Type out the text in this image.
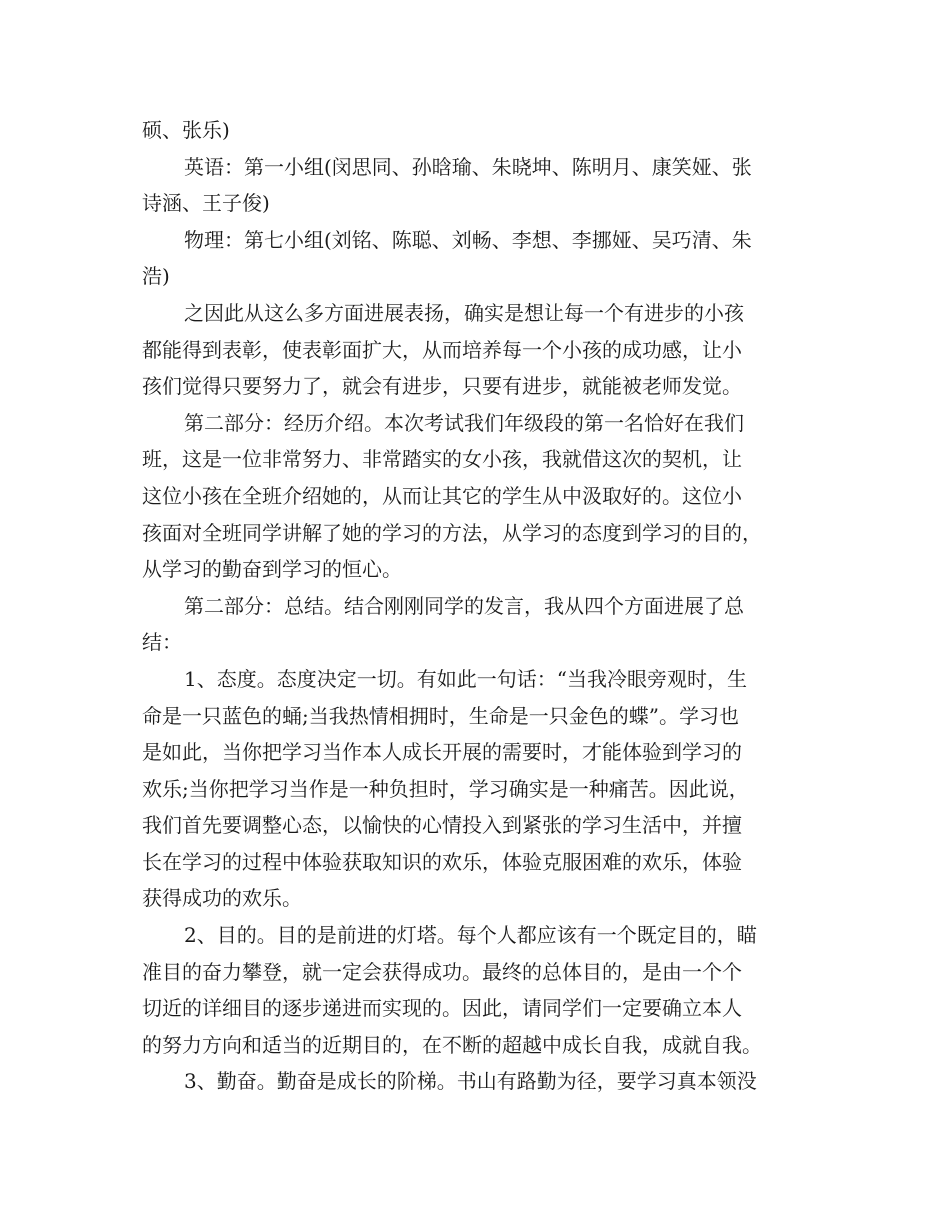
硕、张乐)
英语：第一小组(闵思同、孙晗瑜、朱晓坤、陈明月、康笑娅、张
诗涵、王子俊)
物理：第七小组(刘铭、陈聪、刘畅、李想、李挪娅、吴巧清、朱
浩)
之因此从这么多方面进展表扬，确实是想让每一个有进步的小孩
都能得到表彰，使表彰面扩大，从而培养每一个小孩的成功感，让小
孩们觉得只要努力了，就会有进步，只要有进步，就能被老师发觉。
第二部分：经历介绍。本次考试我们年级段的第一名恰好在我们
班，这是一位非常努力、非常踏实的女小孩，我就借这次的契机，让
这位小孩在全班介绍她的，从而让其它的学生从中汲取好的。这位小
孩面对全班同学讲解了她的学习的方法，从学习的态度到学习的目的，
从学习的勤奋到学习的恒心。
第二部分：总结。结合刚刚同学的发言，我从四个方面进展了总
结：
1、态度。态度决定一切。有如此一句话：“当我冷眼旁观时，生
命是一只蓝色的蛹;当我热情相拥时，生命是一只金色的蝶”。学习也
是如此，当你把学习当作本人成长开展的需要时，才能体验到学习的
欢乐;当你把学习当作是一种负担时，学习确实是一种痛苦。因此说，
我们首先要调整心态，以愉快的心情投入到紧张的学习生活中，并擅
长在学习的过程中体验获取知识的欢乐，体验克服困难的欢乐，体验
获得成功的欢乐。
2、目的。目的是前进的灯塔。每个人都应该有一个既定目的，瞄
准目的奋力攀登，就一定会获得成功。最终的总体目的，是由一个个
切近的详细目的逐步递进而实现的。因此，请同学们一定要确立本人
的努力方向和适当的近期目的，在不断的超越中成长自我，成就自我。
3、勤奋。勤奋是成长的阶梯。书山有路勤为径，要学习真本领没
